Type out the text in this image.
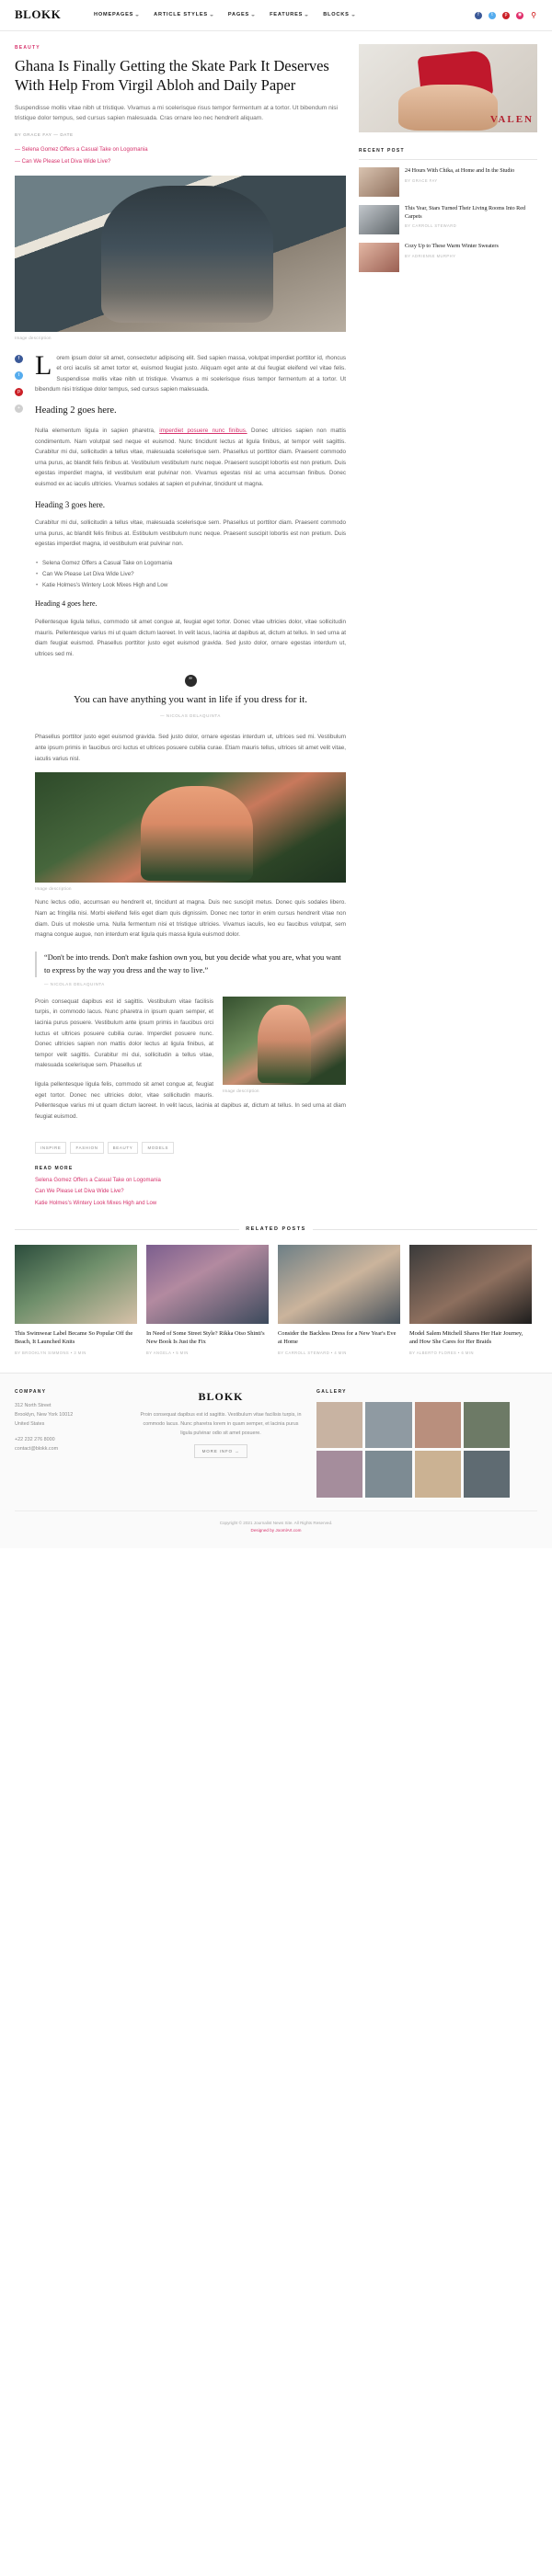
BLOKK	HOMEPAGES	ARTICLE STYLES	PAGES	FEATURES	BLOCKS	f	t	p	◉ ⚲
BEAUTY
Ghana Is Finally Getting the Skate Park It Deserves With Help From Virgil Abloh and Daily Paper
Suspendisse mollis vitae nibh ut tristique. Vivamus a mi scelerisque risus tempor fermentum at a tortor. Ut bibendum nisi tristique dolor tempus, sed cursus sapien malesuada. Cras ornare leo nec hendrerit aliquam.
BY GRACE FAY — DATE
— Selena Gomez Offers a Casual Take on Logomania
— Can We Please Let Diva Wide Live?
Image description
f
t
p
+

Lorem ipsum dolor sit amet, consectetur adipiscing elit. Sed sapien massa, volutpat imperdiet porttitor id, rhoncus et orci iaculis sit amet tortor et, euismod feugiat justo. Aliquam eget ante at dui feugiat eleifend vel vitae felis. Suspendisse mollis vitae nibh ut tristique. Vivamus a mi scelerisque risus tempor fermentum at a tortor. Ut bibendum nisi tristique dolor tempus, sed cursus sapien malesuada.

Heading 2 goes here.

Nulla elementum ligula in sapien pharetra, imperdiet posuere nunc finibus. Donec ultricies sapien non mattis condimentum. Nam volutpat sed neque et euismod. Nunc tincidunt lectus at ligula finibus, at tempor velit sagittis. Curabitur mi dui, sollicitudin a tellus vitae, malesuada scelerisque sem. Phasellus ut porttitor diam. Praesent commodo urna purus, ac blandit felis finibus at. Vestibulum vestibulum nunc neque. Praesent suscipit lobortis est non pretium. Duis egestas imperdiet magna, id vestibulum erat pulvinar non. Vivamus egestas nisl ac urna accumsan finibus. Donec euismod ex ac iaculis ultricies. Vivamus sodales at sapien et pulvinar, tincidunt ut magna.

Heading 3 goes here.

Curabitur mi dui, sollicitudin a tellus vitae, malesuada scelerisque sem. Phasellus ut porttitor diam. Praesent commodo urna purus, ac blandit felis finibus at. Estibulum vestibulum nunc neque. Praesent suscipit lobortis est non pretium. Duis egestas imperdiet magna, id vestibulum erat pulvinar non.

• Selena Gomez Offers a Casual Take on Logomania
• Can We Please Let Diva Wide Live?
• Katie Holmes's Wintery Look Mixes High and Low
Heading 4 goes here.

Pellentesque ligula tellus, commodo sit amet congue at, feugiat eget tortor. Donec vitae ultricies dolor, vitae sollicitudin mauris. Pellentesque varius mi ut quam dictum laoreet. In velit lacus, lacinia at dapibus at, dictum at tellus. In sed urna at diam feugiat euismod. Phasellus porttitor justo eget euismod gravida. Sed justo dolor, ornare egestas interdum ut, ultrices sed mi.

”
You can have anything you want in life if you dress for it.
— NICOLAS DELAQUINTA

Phasellus porttitor justo eget euismod gravida. Sed justo dolor, ornare egestas interdum ut, ultrices sed mi. Vestibulum ante ipsum primis in faucibus orci luctus et ultrices posuere cubilia curae. Etiam mauris tellus, ultrices sit amet velit vitae, iaculis varius nisl.

Image description

Nunc lectus odio, accumsan eu hendrerit et, tincidunt at magna. Duis nec suscipit metus. Donec quis sodales libero. Nam ac fringilla nisi. Morbi eleifend felis eget diam quis dignissim. Donec nec tortor in enim cursus hendrerit vitae non diam. Duis ut molestie urna. Nulla fermentum nisi et tristique ultricies. Vivamus iaculis, leo eu faucibus volutpat, sem magna congue augue, non interdum erat ligula quis massa ligula euismod dolor.

“Don't be into trends. Don't make fashion own you, but you decide what you are, what you want to express by the way you dress and the way to live.”
— NICOLAS DELAQUINTA
Image description

Proin consequat dapibus est id sagittis. Vestibulum vitae facilisis turpis, in commodo lacus. Nunc pharetra in ipsum quam semper, et lacinia purus posuere. Vestibulum ante ipsum primis in faucibus orci luctus et ultrices posuere cubilia curae. Imperdiet posuere nunc. Donec ultricies sapien non mattis dolor lectus at ligula finibus, at tempor velit sagittis. Curabitur mi dui, sollicitudin a tellus vitae, malesuada scelerisque sem. Phasellus ut

ligula pellentesque ligula felis, commodo sit amet congue at, feugiat eget tortor. Donec nec ultricies dolor, vitae sollicitudin mauris. Pellentesque varius mi ut quam dictum laoreet. In velit lacus, lacinia at dapibus at, dictum at tellus. In sed urna at diam feugiat euismod.

INSPIRE	FASHION	BEAUTY	MODELS
READ MORE
Selena Gomez Offers a Casual Take on Logomania
Can We Please Let Diva Wide Live?
Katie Holmes's Wintery Look Mixes High and Low
VALEN
RECENT POST
24 Hours With Chika, at Home and In the Studio
BY GRACE FAY
This Year, Stars Turned Their Living Rooms Into Red Carpets
BY CARROLL STEWARD
Cozy Up to These Warm Winter Sweaters
BY ADRIENNE MURPHY
RELATED POSTS
This Swimwear Label Became So Popular Off the Beach, It Launched Knits
BY BROOKLYN SIMMONS • 3 MIN
In Need of Some Street Style? Rikka Otso Shinti's New Book Is Just the Fix
BY ANGELA • 5 MIN
Consider the Backless Dress for a New Year's Eve at Home
BY CARROLL STEWARD • 4 MIN
Model Salem Mitchell Shares Her Hair Journey, and How She Cares for Her Braids
BY ALBERTO FLORES • 6 MIN
COMPANY
312 North Street
Brooklyn, New York 10012
United States
+22 232 276 8000
contact@blokk.com
BLOKK
Proin consequat dapibus est id sagittis. Vestibulum vitae facilisis turpis, in commodo lacus. Nunc pharetra lorem in quam semper, et lacinia purus ligula pulvinar odio sit amet posuere.
MORE INFO →
GALLERY
Copyright © 2021 Journalist News Site. All Rights Reserved.
Designed by JoomlArt.com
